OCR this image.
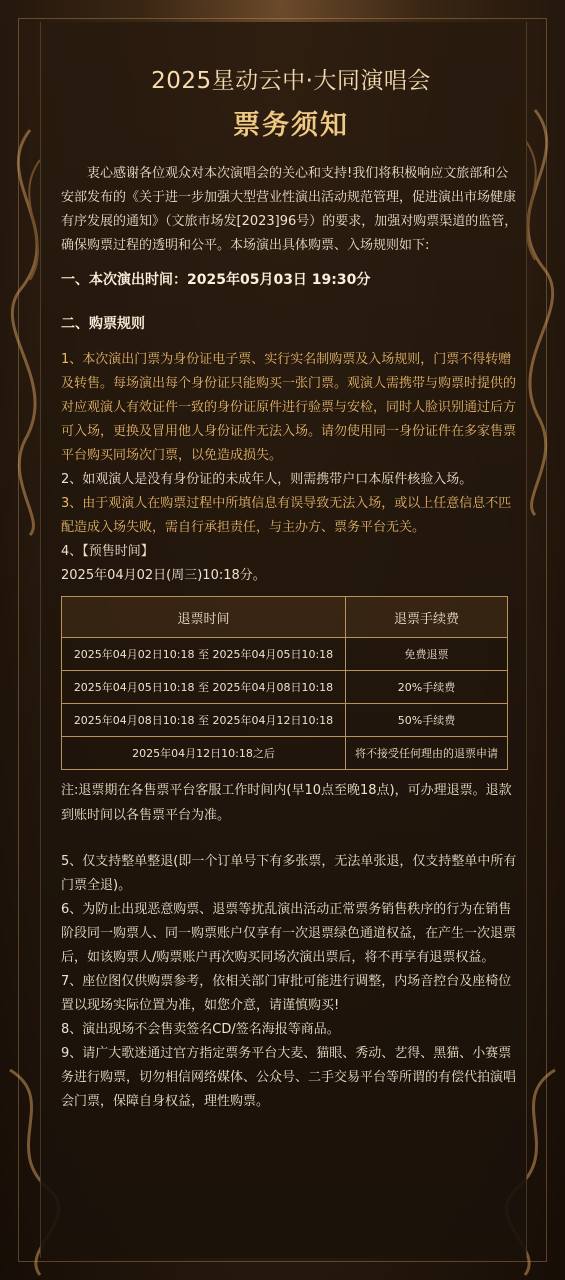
2025星动云中·大同演唱会
票务须知

衷心感谢各位观众对本次演唱会的关心和支持!我们将积极响应文旅部和公安部发布的《关于进一步加强大型营业性演出活动规范管理，促进演出市场健康有序发展的通知》（文旅市场发[2023]96号）的要求，加强对购票渠道的监管，确保购票过程的透明和公平。本场演出具体购票、入场规则如下:

一、本次演出时间：2025年05月03日 19:30分

二、购票规则

1、本次演出门票为身份证电子票、实行实名制购票及入场规则，门票不得转赠及转售。每场演出每个身份证只能购买一张门票。观演人需携带与购票时提供的对应观演人有效证件一致的身份证原件进行验票与安检，同时人脸识别通过后方可入场，更换及冒用他人身份证件无法入场。请勿使用同一身份证件在多家售票平台购买同场次门票，以免造成损失。

2、如观演人是没有身份证的未成年人，则需携带户口本原件核验入场。

3、由于观演人在购票过程中所填信息有误导致无法入场，或以上任意信息不匹配造成入场失败，需自行承担责任，与主办方、票务平台无关。

4、【预售时间】

2025年04月02日(周三)10:18分。

退票时间	退票手续费
2025年04月02日10:18 至 2025年04月05日10:18	免费退票
2025年04月05日10:18 至 2025年04月08日10:18	20%手续费
2025年04月08日10:18 至 2025年04月12日10:18	50%手续费
2025年04月12日10:18之后	将不接受任何理由的退票申请

注:退票期在各售票平台客服工作时间内(早10点至晚18点)，可办理退票。退款到账时间以各售票平台为准。

5、仅支持整单整退(即一个订单号下有多张票，无法单张退，仅支持整单中所有门票全退)。

6、为防止出现恶意购票、退票等扰乱演出活动正常票务销售秩序的行为在销售阶段同一购票人、同一购票账户仅享有一次退票绿色通道权益，在产生一次退票后，如该购票人/购票账户再次购买同场次演出票后，将不再享有退票权益。

7、座位图仅供购票参考，依相关部门审批可能进行调整，内场音控台及座椅位置以现场实际位置为准，如您介意，请谨慎购买!

8、演出现场不会售卖签名CD/签名海报等商品。

9、请广大歌迷通过官方指定票务平台大麦、猫眼、秀动、艺得、黑猫、小赛票务进行购票，切勿相信网络媒体、公众号、二手交易平台等所谓的有偿代拍演唱会门票，保障自身权益，理性购票。
